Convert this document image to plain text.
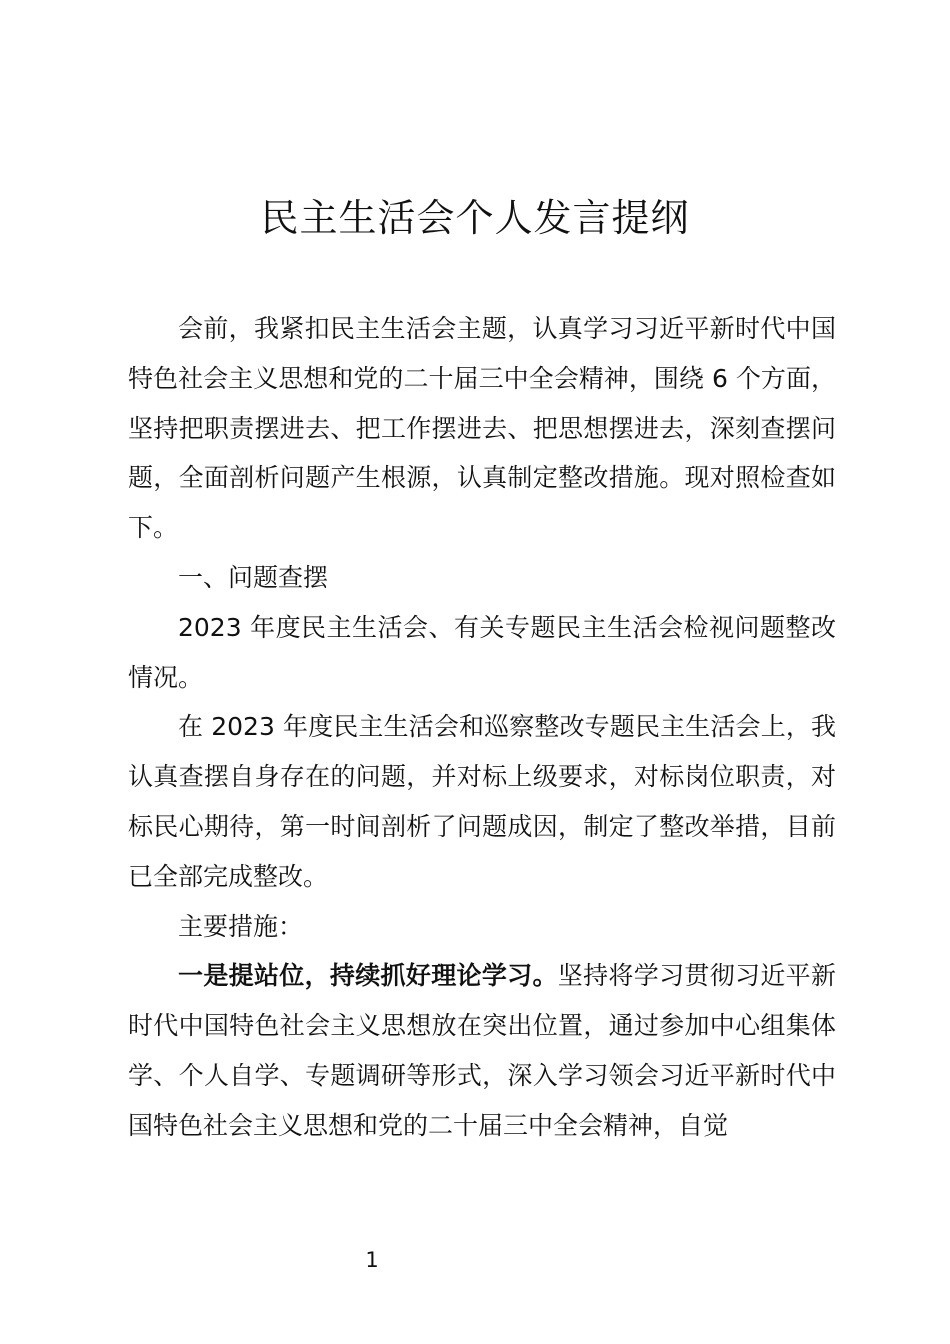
民主生活会个人发言提纲

会前，我紧扣民主生活会主题，认真学习习近平新时代中国特色社会主义思想和党的二十届三中全会精神，围绕 6 个方面，坚持把职责摆进去、把工作摆进去、把思想摆进去，深刻查摆问题，全面剖析问题产生根源，认真制定整改措施。现对照检查如下。

一、问题查摆

2023 年度民主生活会、有关专题民主生活会检视问题整改情况。

在 2023 年度民主生活会和巡察整改专题民主生活会上，我认真查摆自身存在的问题，并对标上级要求，对标岗位职责，对标民心期待，第一时间剖析了问题成因，制定了整改举措，目前已全部完成整改。

主要措施：

一是提站位，持续抓好理论学习。坚持将学习贯彻习近平新时代中国特色社会主义思想放在突出位置，通过参加中心组集体学、个人自学、专题调研等形式，深入学习领会习近平新时代中国特色社会主义思想和党的二十届三中全会精神，自觉

1
